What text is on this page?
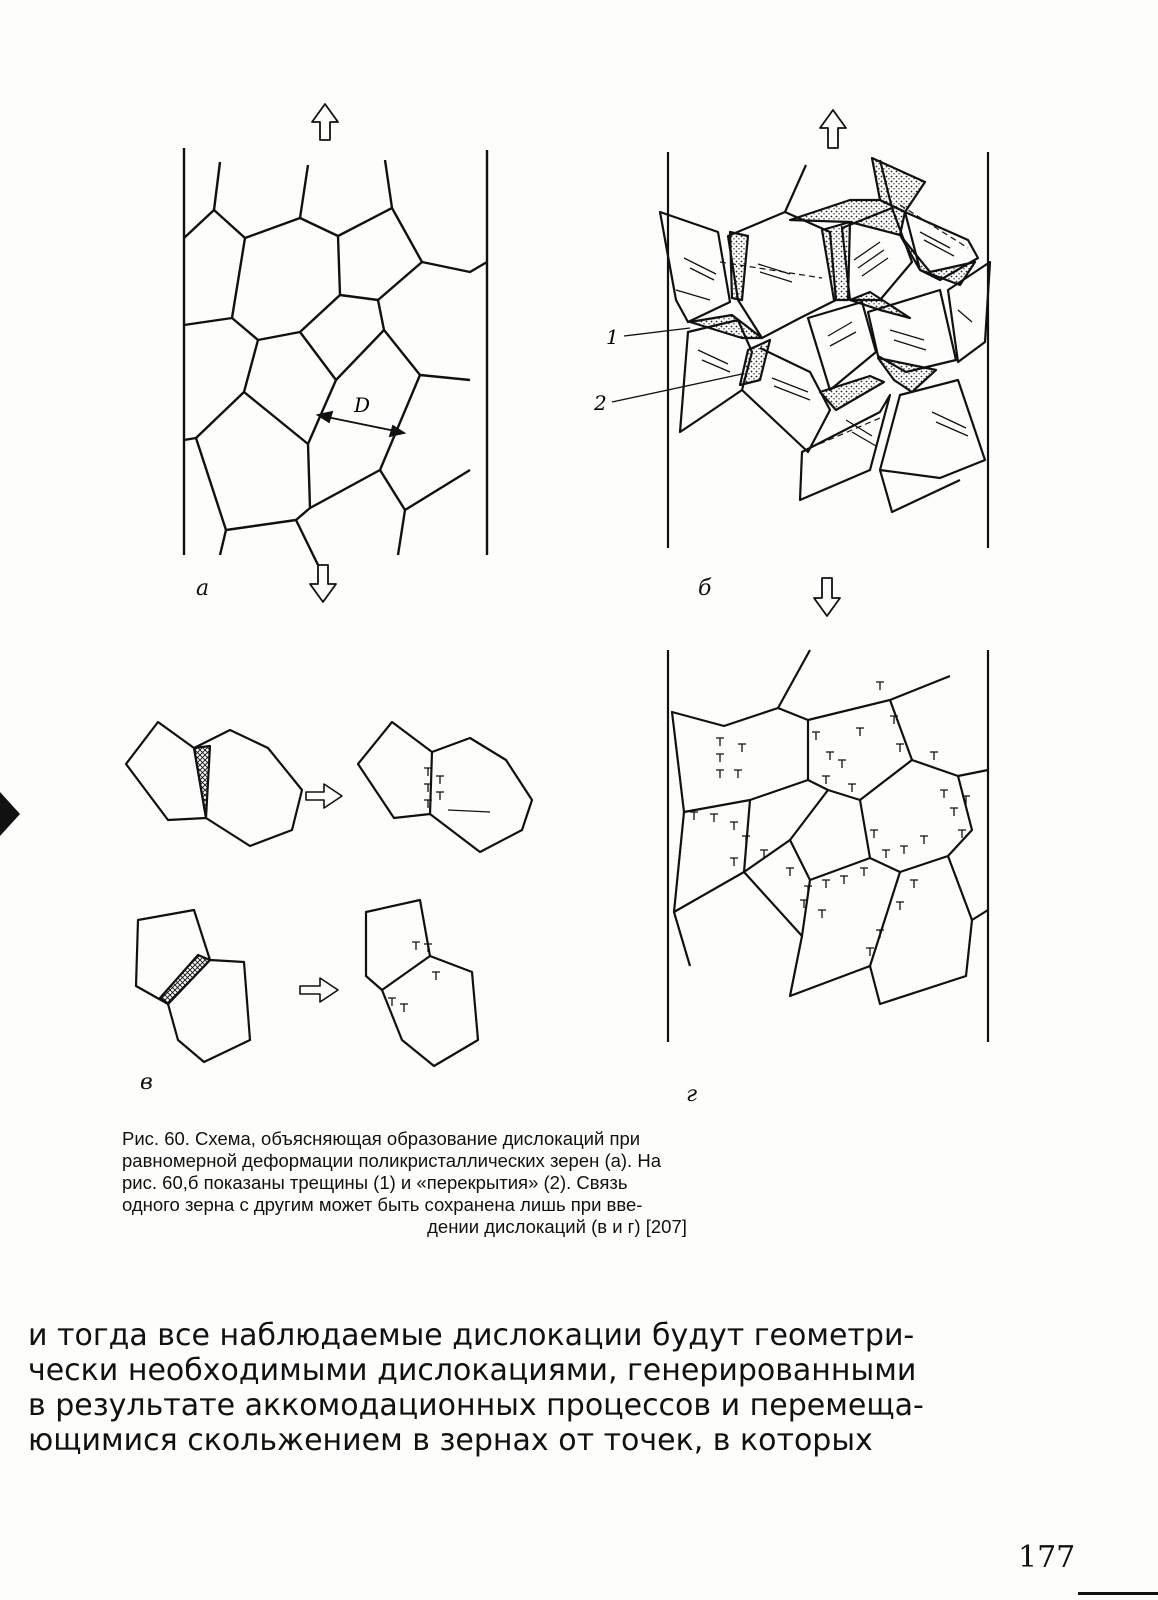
D
1
2
а	б
в	г
Рис. 60. Схема, объясняющая образование дислокаций при
равномерной деформации поликристаллических зерен (а). На
рис. 60,б показаны трещины (1) и «перекрытия» (2). Связь
одного зерна с другим может быть сохранена лишь при вве-
дении дислокаций (в и г) [207]
и тогда все наблюдаемые дислокации будут геометри-
чески необходимыми дислокациями, генерированными
в результате аккомодационных процессов и перемеща-
ющимися скольжением в зернах от точек, в которых
177
